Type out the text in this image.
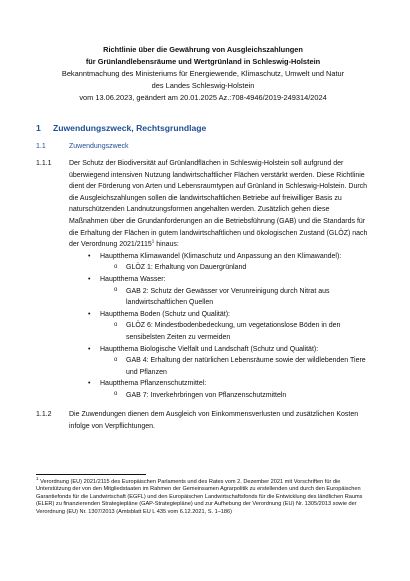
Richtlinie über die Gewährung von Ausgleichszahlungen
für Grünlandlebensräume und Wertgrünland in Schleswig-Holstein
Bekanntmachung des Ministeriums für Energiewende, Klimaschutz, Umwelt und Natur
des Landes Schleswig-Holstein
vom 13.06.2023, geändert am 20.01.2025 Az.:708-4946/2019-249314/2024
1	Zuwendungszweck, Rechtsgrundlage
1.1	Zuwendungszweck
1.1.1	Der Schutz der Biodiversität auf Grünlandflächen in Schleswig-Holstein soll aufgrund der überwiegend intensiven Nutzung landwirtschaftlicher Flächen verstärkt werden. Diese Richtlinie dient der Förderung von Arten und Lebensraumtypen auf Grünland in Schleswig-Holstein. Durch die Ausgleichszahlungen sollen die landwirtschaftlichen Betriebe auf freiwilliger Basis zu naturschützenden Landnutzungsformen angehalten werden. Zusätzlich gehen diese Maßnahmen über die Grundanforderungen an die Betriebsführung (GAB) und die Standards für die Erhaltung der Flächen in gutem landwirtschaftlichen und ökologischen Zustand (GLÖZ) nach der Verordnung 2021/2115$^1$ hinaus:
• Hauptthema Klimawandel (Klimaschutz und Anpassung an den Klimawandel):
o GLÖZ 1: Erhaltung von Dauergrünland
• Hauptthema Wasser:
o GAB 2: Schutz der Gewässer vor Verunreinigung durch Nitrat aus landwirtschaftlichen Quellen
• Hauptthema Boden (Schutz und Qualität):
o GLÖZ 6: Mindestbodenbedeckung, um vegetationslose Böden in den sensibelsten Zeiten zu vermeiden
• Hauptthema Biologische Vielfalt und Landschaft (Schutz und Qualität):
o GAB 4: Erhaltung der natürlichen Lebensräume sowie der wildlebenden Tiere und Pflanzen
• Hauptthema Pflanzenschutzmittel:
o GAB 7: Inverkehrbringen von Pflanzenschutzmitteln
1.1.2	Die Zuwendungen dienen dem Ausgleich von Einkommensverlusten und zusätzlichen Kosten infolge von Verpflichtungen.
$^1$ Verordnung (EU) 2021/2115 des Europäischen Parlaments und des Rates vom 2. Dezember 2021 mit Vorschriften für die Unterstützung der von den Mitgliedstaaten im Rahmen der Gemeinsamen Agrarpolitik zu erstellenden und durch den Europäischen Garantiefonds für die Landwirtschaft (EGFL) und den Europäischen Landwirtschaftsfonds für die Entwicklung des ländlichen Raums (ELER) zu finanzierenden Strategiepläne (GAP-Strategiepläne) und zur Aufhebung der Verordnung (EU) Nr. 1305/2013 sowie der Verordnung (EU) Nr. 1307/2013 (Amtsblatt EU L 435 vom 6.12.2021, S. 1–186)
